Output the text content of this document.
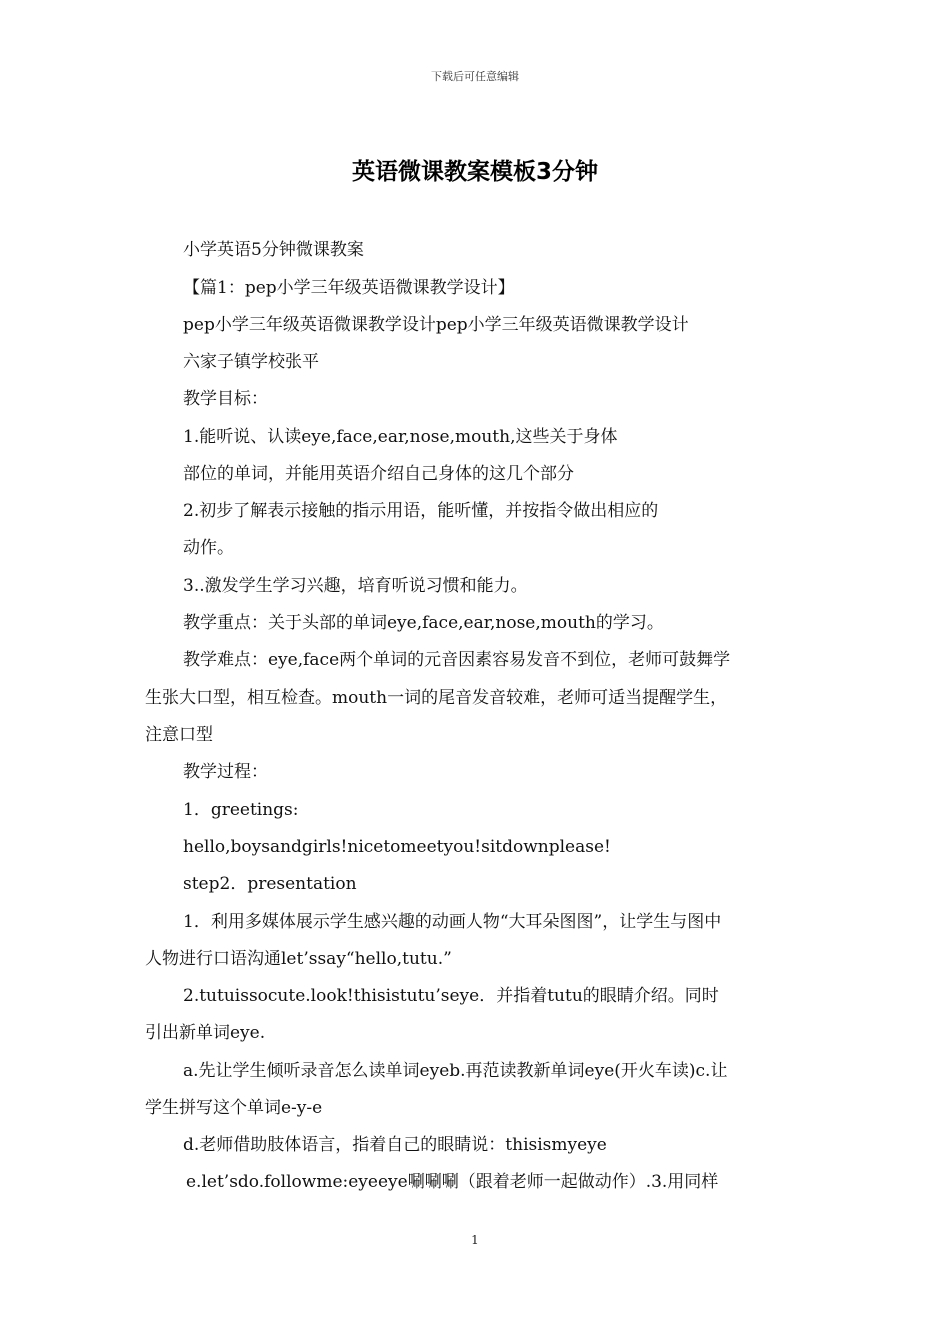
下载后可任意编辑
英语微课教案模板3分钟
小学英语5分钟微课教案
【篇1：pep小学三年级英语微课教学设计】
pep小学三年级英语微课教学设计pep小学三年级英语微课教学设计
六家子镇学校张平
教学目标：
1.能听说、认读eye,face,ear,nose,mouth,这些关于身体
部位的单词，并能用英语介绍自己身体的这几个部分
2.初步了解表示接触的指示用语，能听懂，并按指令做出相应的
动作。
3..激发学生学习兴趣，培育听说习惯和能力。
教学重点：关于头部的单词eye,face,ear,nose,mouth的学习。
教学难点：eye,face两个单词的元音因素容易发音不到位，老师可鼓舞学
生张大口型，相互检查。mouth一词的尾音发音较难，老师可适当提醒学生，
注意口型
教学过程：
1．greetings:
hello,boysandgirls!nicetomeetyou!sitdownplease!
step2．presentation
1．利用多媒体展示学生感兴趣的动画人物“大耳朵图图”，让学生与图中
人物进行口语沟通let’ssay“hello,tutu.”
2.tutuissocute.look!thisistutu’seye．并指着tutu的眼睛介绍。同时
引出新单词eye.
a.先让学生倾听录音怎么读单词eyeb.再范读教新单词eye(开火车读)c.让
学生拼写这个单词e-y-e
d.老师借助肢体语言，指着自己的眼睛说：thisismyeye
e.let’sdo.followme:eyeeye唰唰唰（跟着老师一起做动作）.3.用同样
1
